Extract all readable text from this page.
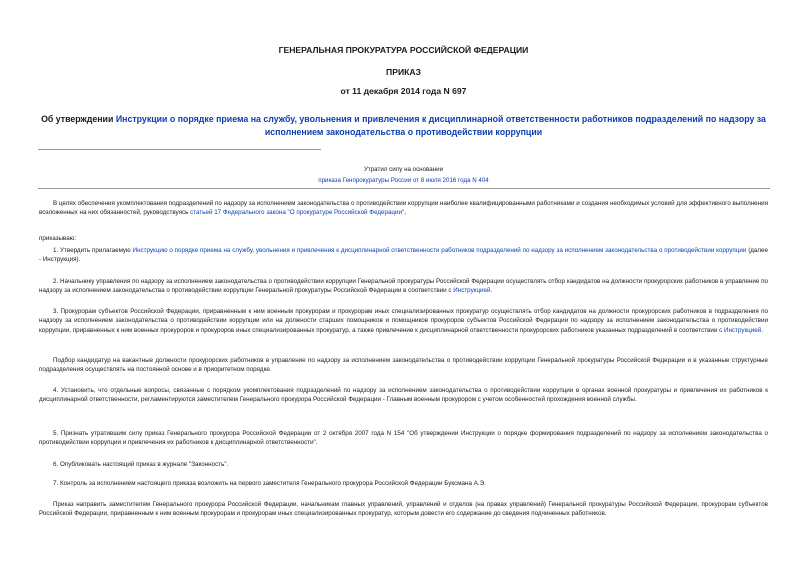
ГЕНЕРАЛЬНАЯ ПРОКУРАТУРА РОССИЙСКОЙ ФЕДЕРАЦИИ
ПРИКАЗ
от 11 декабря 2014 года N 697
Об утверждении Инструкции о порядке приема на службу, увольнения и привлечения к дисциплинарной ответственности работников подразделений по надзору за исполнением законодательства о противодействии коррупции
Утратил силу на основании
приказа Генпрокуратуры России от 8 июля 2016 года N 404
В целях обеспечения укомплектования подразделений по надзору за исполнением законодательства о противодействии коррупции наиболее квалифицированными работниками и создания необходимых условий для эффективного выполнения возложенных на них обязанностей, руководствуясь статьей 17 Федерального закона "О прокуратуре Российской Федерации",
приказываю:
1. Утвердить прилагаемую Инструкцию о порядке приема на службу, увольнения и привлечения к дисциплинарной ответственности работников подразделений по надзору за исполнением законодательства о противодействии коррупции (далее - Инструкция).
2. Начальнику управления по надзору за исполнением законодательства о противодействии коррупции Генеральной прокуратуры Российской Федерации осуществлять отбор кандидатов на должности прокурорских работников в управление по надзору за исполнением законодательства о противодействии коррупции Генеральной прокуратуры Российской Федерации в соответствии с Инструкцией.
3. Прокурорам субъектов Российской Федерации, приравненным к ним военным прокурорам и прокурорам иных специализированных прокуратур осуществлять отбор кандидатов на должности прокурорских работников в подразделения по надзору за исполнением законодательства о противодействии коррупции или на должности старших помощников и помощников прокуроров субъектов Российской Федерации по надзору за исполнением законодательства о противодействии коррупции, приравненных к ним военных прокуроров и прокуроров иных специализированных прокуратур, а также привлечение к дисциплинарной ответственности прокурорских работников указанных подразделений в соответствии с Инструкцией.
Подбор кандидатур на вакантные должности прокурорских работников в управление по надзору за исполнением законодательства о противодействии коррупции Генеральной прокуратуры Российской Федерации и в указанные структурные подразделения осуществлять на постоянной основе и в приоритетном порядке.
4. Установить, что отдельные вопросы, связанные с порядком укомплектования подразделений по надзору за исполнением законодательства о противодействии коррупции в органах военной прокуратуры и привлечения их работников к дисциплинарной ответственности, регламентируются заместителем Генерального прокурора Российской Федерации - Главным военным прокурором с учетом особенностей прохождения военной службы.
5. Признать утратившим силу приказ Генерального прокурора Российской Федерации от 2 октября 2007 года N 154 "Об утверждении Инструкции о порядке формирования подразделений по надзору за исполнением законодательства о противодействии коррупции и привлечения их работников к дисциплинарной ответственности".
6. Опубликовать настоящий приказ в журнале "Законность".
7. Контроль за исполнением настоящего приказа возложить на первого заместителя Генерального прокурора Российской Федерации Буксмана А.Э.
Приказ направить заместителям Генерального прокурора Российской Федерации, начальникам главных управлений, управлений и отделов (на правах управлений) Генеральной прокуратуры Российской Федерации, прокурорам субъектов Российской Федерации, приравненным к ним военным прокурорам и прокурорам иных специализированных прокуратур, которым довести его содержание до сведения подчиненных работников.
